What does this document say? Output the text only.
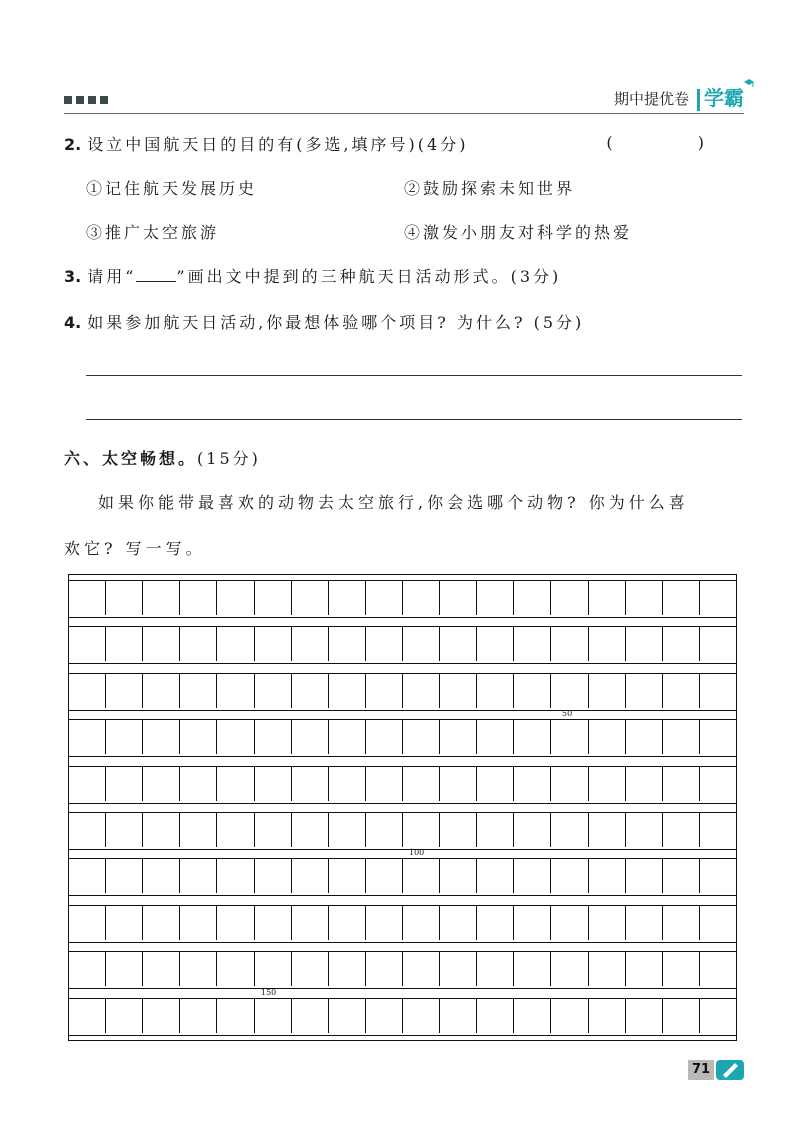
期中提优卷 学霸
2. 设立中国航天日的目的有(多选,填序号)(4分)	( )
①记住航天发展历史	②鼓励探索未知世界
③推广太空旅游	④激发小朋友对科学的热爱
3. 请用“	”画出文中提到的三种航天日活动形式。(3分)
4. 如果参加航天日活动,你最想体验哪个项目? 为什么? (5分)
六、太空畅想。(15分)
如果你能带最喜欢的动物去太空旅行,你会选哪个动物? 你为什么喜
欢它? 写一写。
50
100
150
71
